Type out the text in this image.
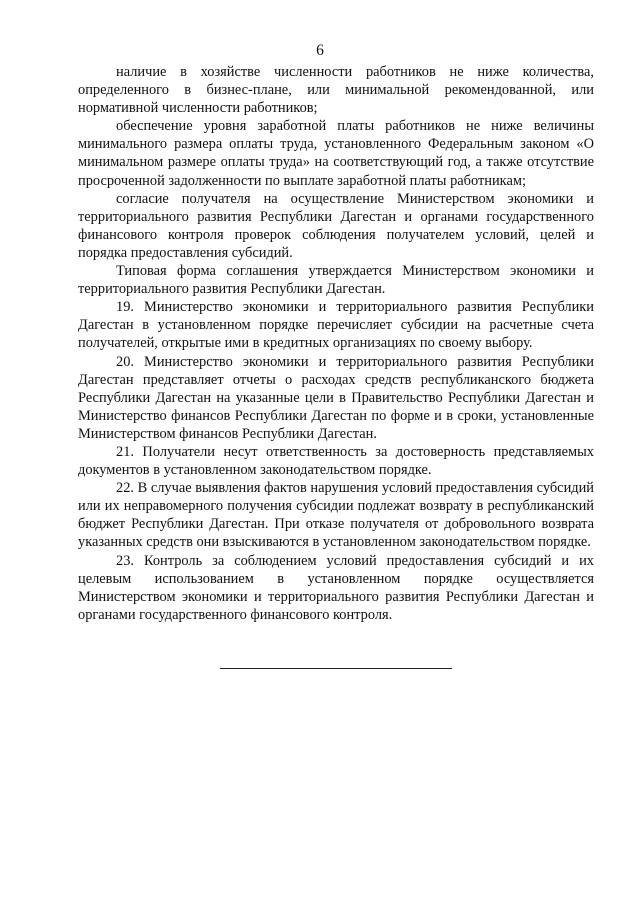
6

наличие в хозяйстве численности работников не ниже количества, определенного в бизнес-плане, или минимальной рекомендованной, или нормативной численности работников;

обеспечение уровня заработной платы работников не ниже величины минимального размера оплаты труда, установленного Федеральным законом «О минимальном размере оплаты труда» на соответствующий год, а также отсутствие просроченной задолженности по выплате заработной платы работникам;

согласие получателя на осуществление Министерством экономики и территориального развития Республики Дагестан и органами государственного финансового контроля проверок соблюдения получателем условий, целей и порядка предоставления субсидий.

Типовая форма соглашения утверждается Министерством экономики и территориального развития Республики Дагестан.

19. Министерство экономики и территориального развития Республики Дагестан в установленном порядке перечисляет субсидии на расчетные счета получателей, открытые ими в кредитных организациях по своему выбору.

20. Министерство экономики и территориального развития Республики Дагестан представляет отчеты о расходах средств республиканского бюджета Республики Дагестан на указанные цели в Правительство Республики Дагестан и Министерство финансов Республики Дагестан по форме и в сроки, установленные Министерством финансов Республики Дагестан.

21. Получатели несут ответственность за достоверность представляемых документов в установленном законодательством порядке.

22. В случае выявления фактов нарушения условий предоставления субсидий или их неправомерного получения субсидии подлежат возврату в республиканский бюджет Республики Дагестан. При отказе получателя от добровольного возврата указанных средств они взыскиваются в установленном законодательством порядке.

23. Контроль за соблюдением условий предоставления субсидий и их целевым использованием в установленном порядке осуществляется Министерством экономики и территориального развития Республики Дагестан и органами государственного финансового контроля.
